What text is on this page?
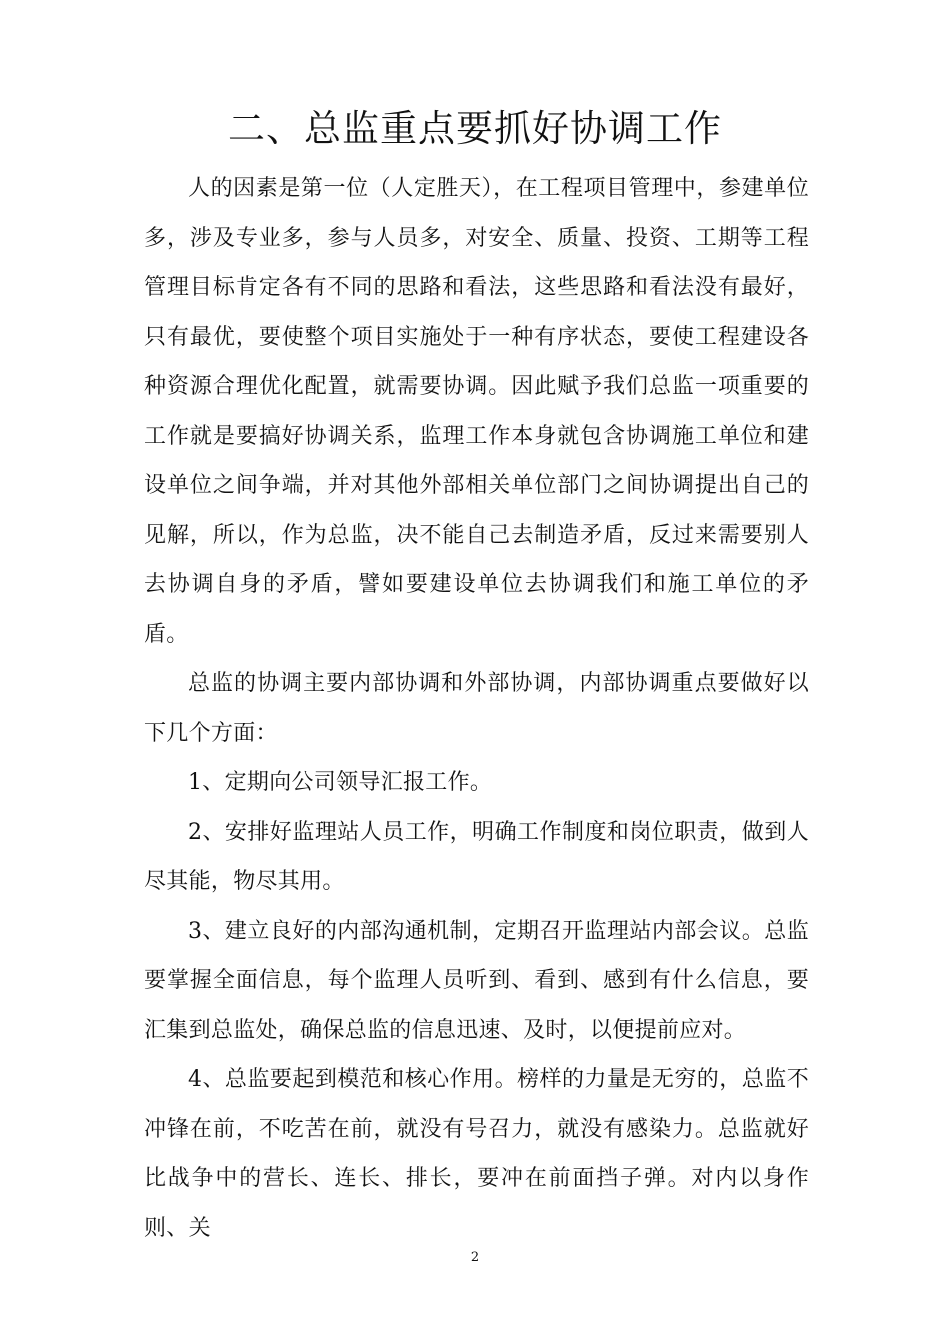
二、总监重点要抓好协调工作

人的因素是第一位（人定胜天），在工程项目管理中，参建单位多，涉及专业多，参与人员多，对安全、质量、投资、工期等工程管理目标肯定各有不同的思路和看法，这些思路和看法没有最好，只有最优，要使整个项目实施处于一种有序状态，要使工程建设各种资源合理优化配置，就需要协调。因此赋予我们总监一项重要的工作就是要搞好协调关系，监理工作本身就包含协调施工单位和建设单位之间争端，并对其他外部相关单位部门之间协调提出自己的见解，所以，作为总监，决不能自己去制造矛盾，反过来需要别人去协调自身的矛盾，譬如要建设单位去协调我们和施工单位的矛盾。

总监的协调主要内部协调和外部协调，内部协调重点要做好以下几个方面：

1、定期向公司领导汇报工作。

2、安排好监理站人员工作，明确工作制度和岗位职责，做到人尽其能，物尽其用。

3、建立良好的内部沟通机制，定期召开监理站内部会议。总监要掌握全面信息，每个监理人员听到、看到、感到有什么信息，要汇集到总监处，确保总监的信息迅速、及时，以便提前应对。

4、总监要起到模范和核心作用。榜样的力量是无穷的，总监不冲锋在前，不吃苦在前，就没有号召力，就没有感染力。总监就好比战争中的营长、连长、排长，要冲在前面挡子弹。对内以身作则、关

2
